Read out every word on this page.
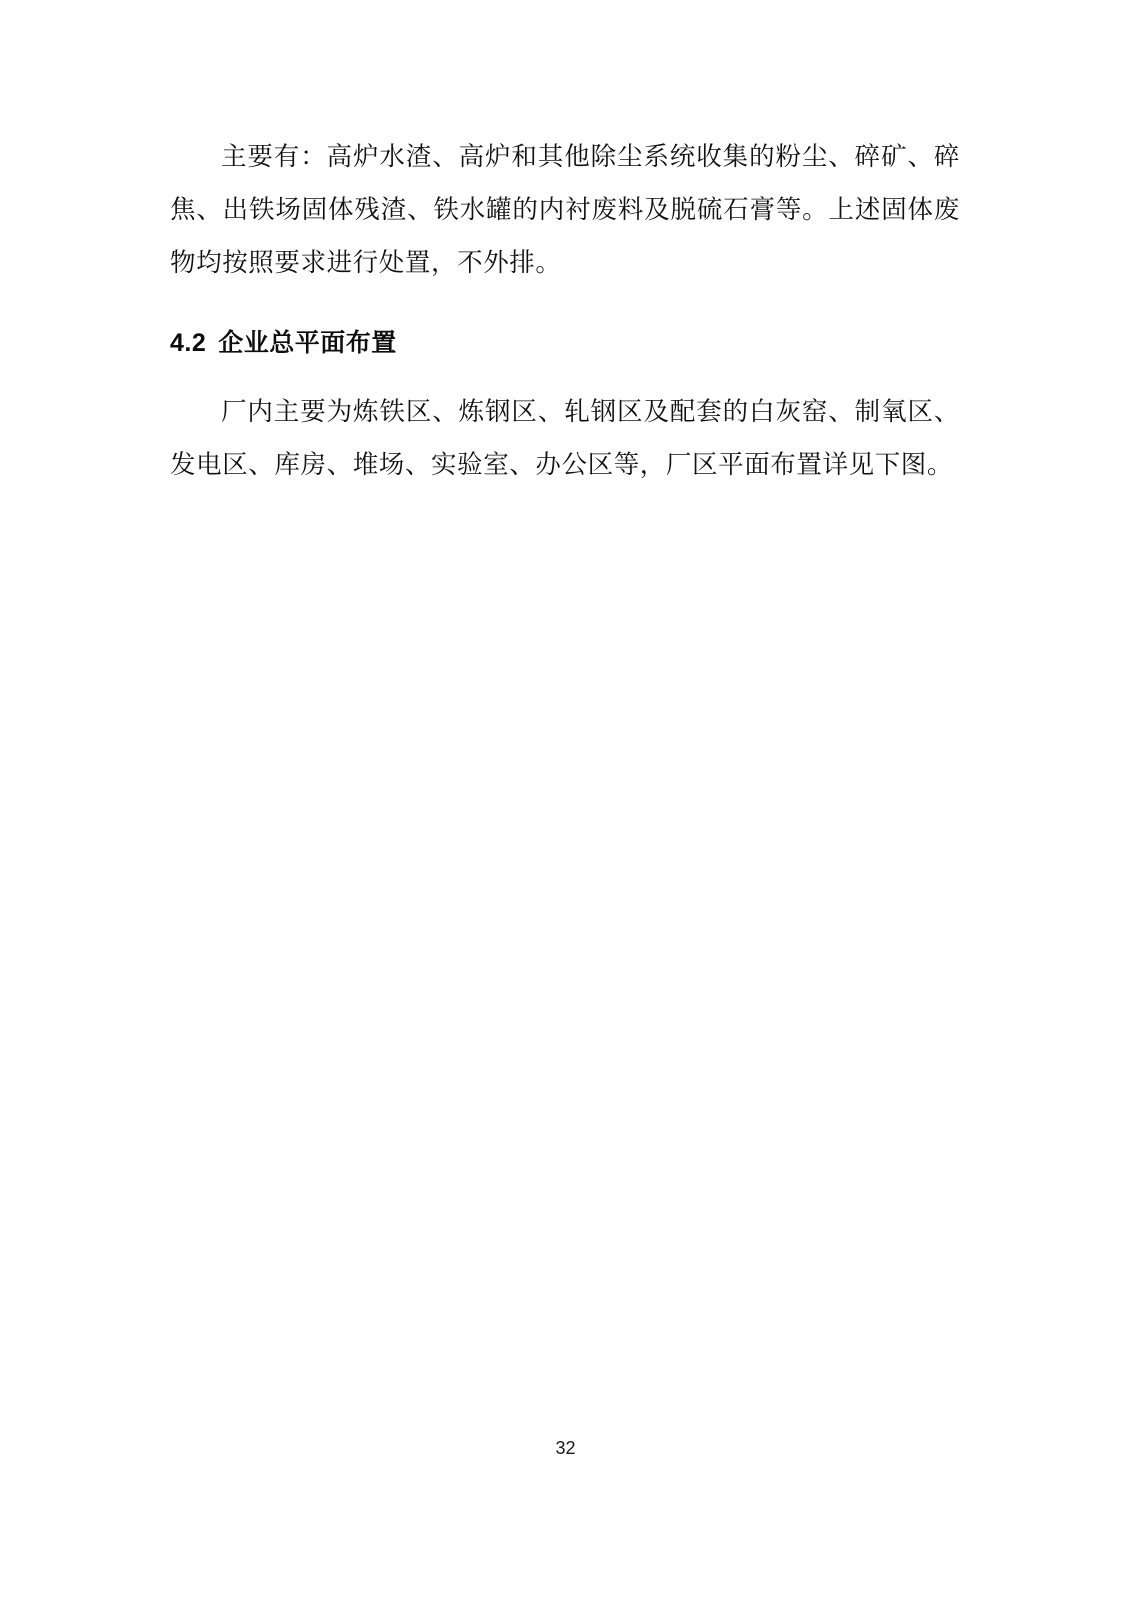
主要有：高炉水渣、高炉和其他除尘系统收集的粉尘、碎矿、碎焦、出铁场固体残渣、铁水罐的内衬废料及脱硫石膏等。上述固体废物均按照要求进行处置，不外排。

4.2 企业总平面布置

厂内主要为炼铁区、炼钢区、轧钢区及配套的白灰窑、制氧区、发电区、库房、堆场、实验室、办公区等，厂区平面布置详见下图。

32
